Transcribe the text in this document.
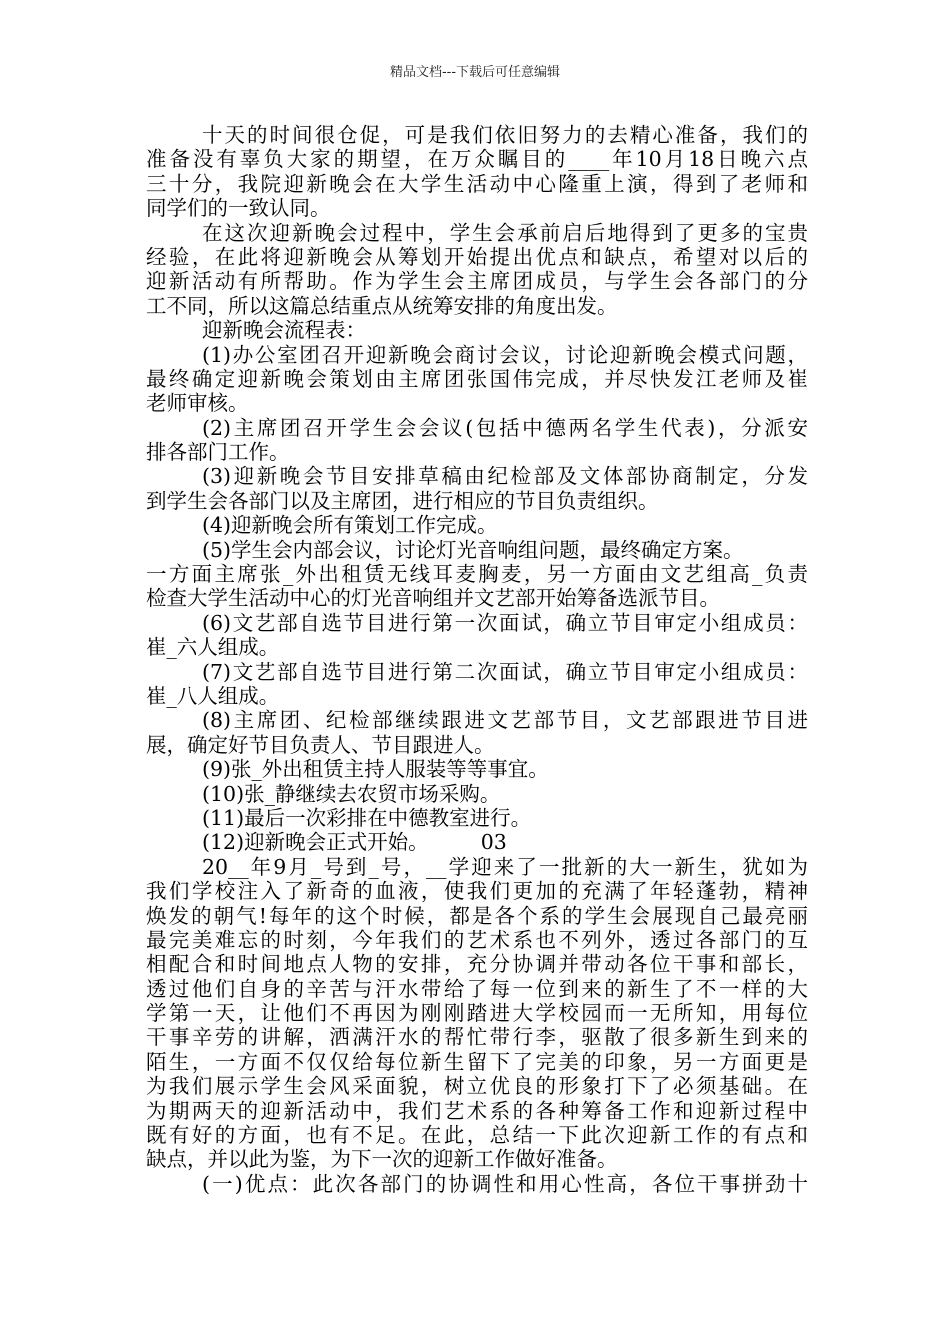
精品文档---下载后可任意编辑
十天的时间很仓促，可是我们依旧努力的去精心准备，我们的
准备没有辜负大家的期望，在万众瞩目的____年10月18日晚六点
三十分，我院迎新晚会在大学生活动中心隆重上演，得到了老师和
同学们的一致认同。
在这次迎新晚会过程中，学生会承前启后地得到了更多的宝贵
经验，在此将迎新晚会从筹划开始提出优点和缺点，希望对以后的
迎新活动有所帮助。作为学生会主席团成员，与学生会各部门的分
工不同，所以这篇总结重点从统筹安排的角度出发。
迎新晚会流程表：
(1)办公室团召开迎新晚会商讨会议，讨论迎新晚会模式问题，
最终确定迎新晚会策划由主席团张国伟完成，并尽快发江老师及崔
老师审核。
(2)主席团召开学生会会议(包括中德两名学生代表)，分派安
排各部门工作。
(3)迎新晚会节目安排草稿由纪检部及文体部协商制定，分发
到学生会各部门以及主席团，进行相应的节目负责组织。
(4)迎新晚会所有策划工作完成。
(5)学生会内部会议，讨论灯光音响组问题，最终确定方案。
一方面主席张_外出租赁无线耳麦胸麦，另一方面由文艺组高_负责
检查大学生活动中心的灯光音响组并文艺部开始筹备选派节目。
(6)文艺部自选节目进行第一次面试，确立节目审定小组成员：
崔_六人组成。
(7)文艺部自选节目进行第二次面试，确立节目审定小组成员：
崔_八人组成。
(8)主席团、纪检部继续跟进文艺部节目，文艺部跟进节目进
展，确定好节目负责人、节目跟进人。
(9)张_外出租赁主持人服装等等事宜。
(10)张_静继续去农贸市场采购。
(11)最后一次彩排在中德教室进行。
(12)迎新晚会正式开始。        03
20__年9月_号到_号，__学迎来了一批新的大一新生，犹如为
我们学校注入了新奇的血液，使我们更加的充满了年轻蓬勃，精神
焕发的朝气!每年的这个时候，都是各个系的学生会展现自己最亮丽
最完美难忘的时刻，今年我们的艺术系也不列外，透过各部门的互
相配合和时间地点人物的安排，充分协调并带动各位干事和部长，
透过他们自身的辛苦与汗水带给了每一位到来的新生了不一样的大
学第一天，让他们不再因为刚刚踏进大学校园而一无所知，用每位
干事辛劳的讲解，洒满汗水的帮忙带行李，驱散了很多新生到来的
陌生，一方面不仅仅给每位新生留下了完美的印象，另一方面更是
为我们展示学生会风采面貌，树立优良的形象打下了必须基础。在
为期两天的迎新活动中，我们艺术系的各种筹备工作和迎新过程中
既有好的方面，也有不足。在此，总结一下此次迎新工作的有点和
缺点，并以此为鉴，为下一次的迎新工作做好准备。
(一)优点：此次各部门的协调性和用心性高，各位干事拼劲十
